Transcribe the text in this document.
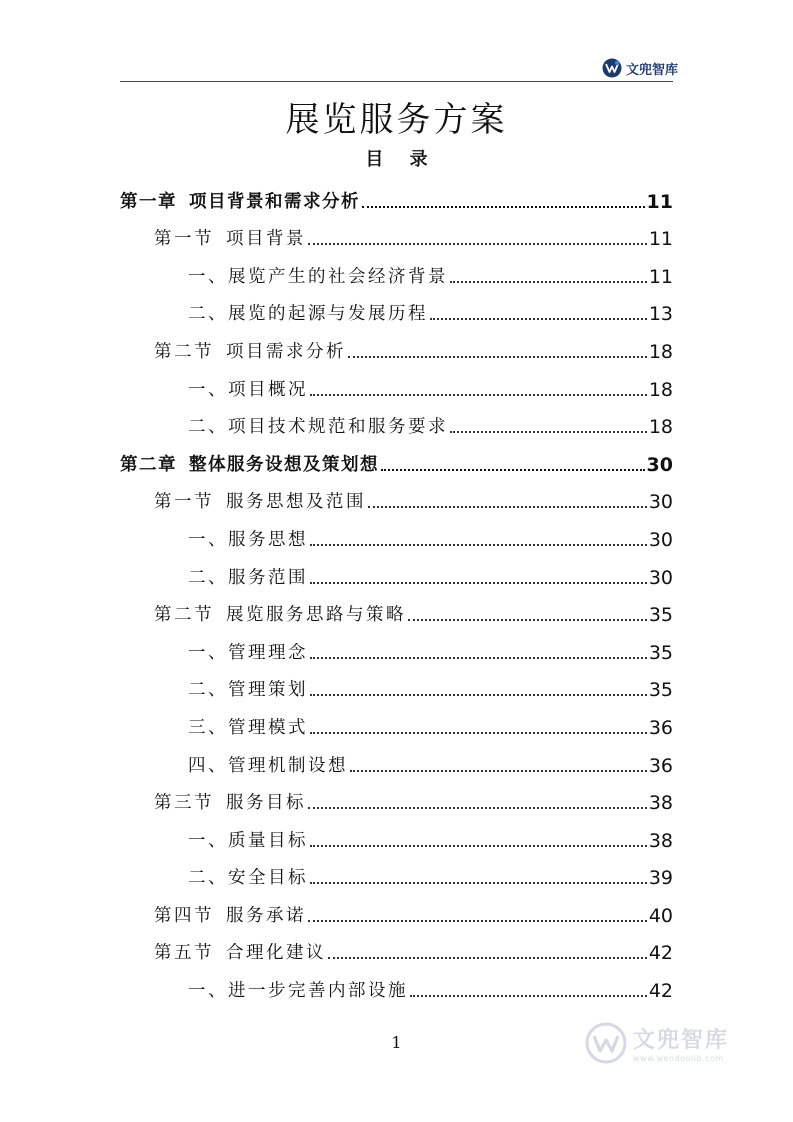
文兜智库
展览服务方案
目 录
第一章 项目背景和需求分析	11
第一节 项目背景	11
一、 展览产生的社会经济背景	11
二、 展览的起源与发展历程	13
第二节 项目需求分析	18
一、 项目概况	18
二、 项目技术规范和服务要求	18
第二章 整体服务设想及策划想	30
第一节 服务思想及范围	30
一、 服务思想	30
二、 服务范围	30
第二节 展览服务思路与策略	35
一、 管理理念	35
二、 管理策划	35
三、 管理模式	36
四、 管理机制设想	36
第三节 服务目标	38
一、 质量目标	38
二、 安全目标	39
第四节 服务承诺	40
第五节 合理化建议	42
一、 进一步完善内部设施	42
1	文兜智库
www.wendoulib.com
